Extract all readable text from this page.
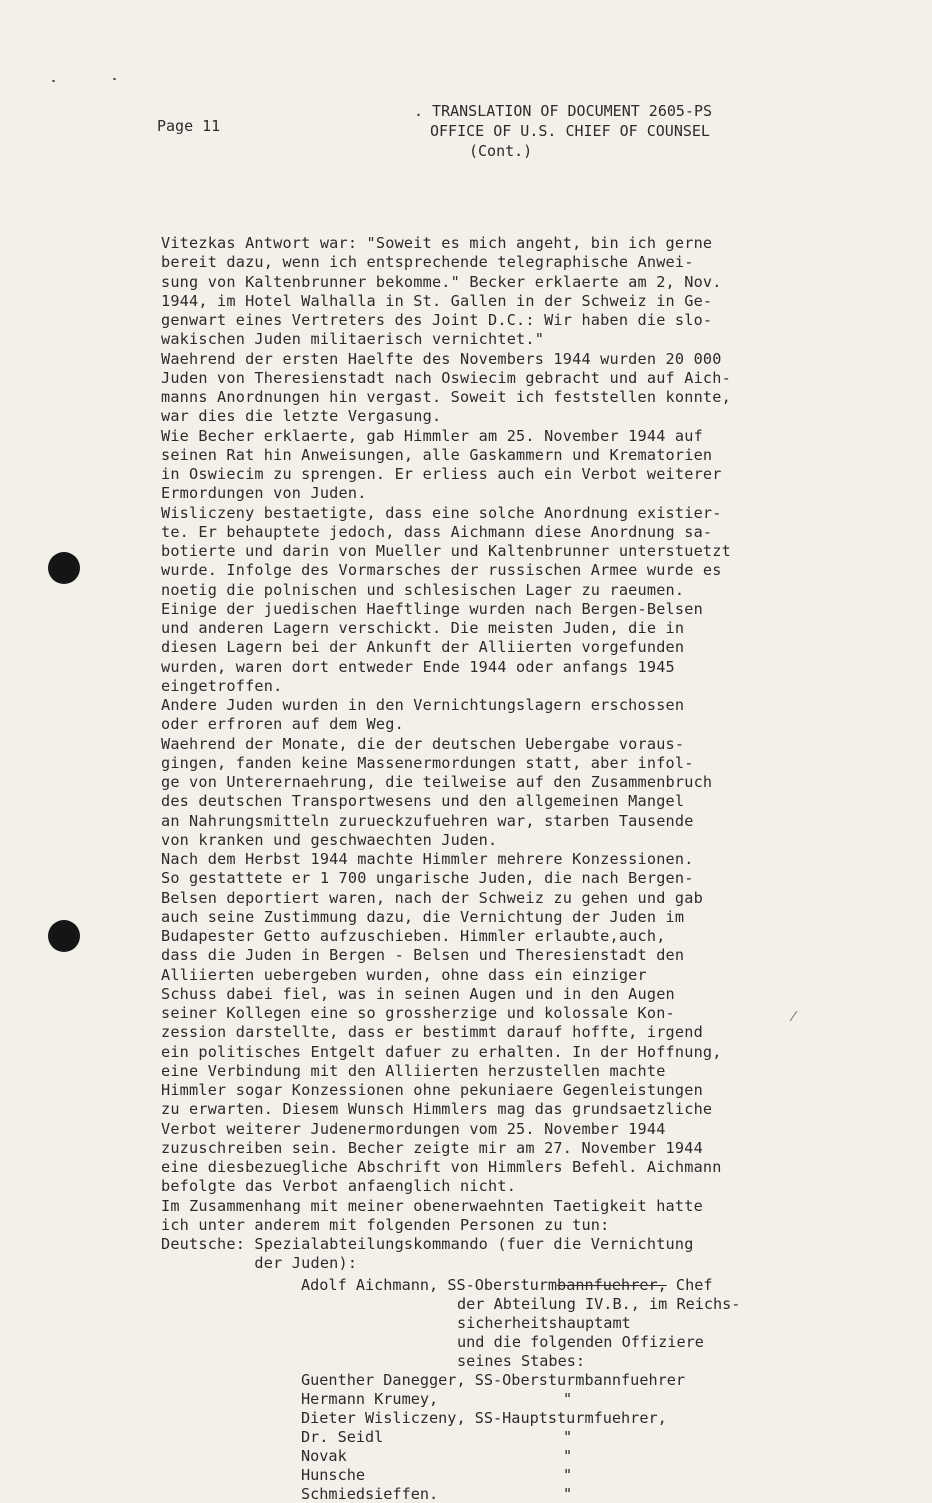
Page 11
. TRANSLATION OF DOCUMENT 2605-PS
OFFICE OF U.S. CHIEF OF COUNSEL
(Cont.)
Vitezkas Antwort war: "Soweit es mich angeht, bin ich gerne
bereit dazu, wenn ich entsprechende telegraphische Anwei-
sung von Kaltenbrunner bekomme." Becker erklaerte am 2, Nov.
1944, im Hotel Walhalla in St. Gallen in der Schweiz in Ge-
genwart eines Vertreters des Joint D.C.: Wir haben die slo-
wakischen Juden militaerisch vernichtet."
Waehrend der ersten Haelfte des Novembers 1944 wurden 20 000
Juden von Theresienstadt nach Oswiecim gebracht und auf Aich-
manns Anordnungen hin vergast. Soweit ich feststellen konnte,
war dies die letzte Vergasung.
Wie Becher erklaerte, gab Himmler am 25. November 1944 auf
seinen Rat hin Anweisungen, alle Gaskammern und Krematorien
in Oswiecim zu sprengen. Er erliess auch ein Verbot weiterer
Ermordungen von Juden.
Wisliczeny bestaetigte, dass eine solche Anordnung existier-
te. Er behauptete jedoch, dass Aichmann diese Anordnung sa-
botierte und darin von Mueller und Kaltenbrunner unterstuetzt
wurde. Infolge des Vormarsches der russischen Armee wurde es
noetig die polnischen und schlesischen Lager zu raeumen.
Einige der juedischen Haeftlinge wurden nach Bergen-Belsen
und anderen Lagern verschickt. Die meisten Juden, die in
diesen Lagern bei der Ankunft der Alliierten vorgefunden
wurden, waren dort entweder Ende 1944 oder anfangs 1945
eingetroffen.
Andere Juden wurden in den Vernichtungslagern erschossen
oder erfroren auf dem Weg.
Waehrend der Monate, die der deutschen Uebergabe voraus-
gingen, fanden keine Massenermordungen statt, aber infol-
ge von Unterernaehrung, die teilweise auf den Zusammenbruch
des deutschen Transportwesens und den allgemeinen Mangel
an Nahrungsmitteln zurueckzufuehren war, starben Tausende
von kranken und geschwaechten Juden.
Nach dem Herbst 1944 machte Himmler mehrere Konzessionen.
So gestattete er 1 700 ungarische Juden, die nach Bergen-
Belsen deportiert waren, nach der Schweiz zu gehen und gab
auch seine Zustimmung dazu, die Vernichtung der Juden im
Budapester Getto aufzuschieben. Himmler erlaubte,auch,
dass die Juden in Bergen - Belsen und Theresienstadt den
Alliierten uebergeben wurden, ohne dass ein einziger
Schuss dabei fiel, was in seinen Augen und in den Augen
seiner Kollegen eine so grossherzige und kolossale Kon-
zession darstellte, dass er bestimmt darauf hoffte, irgend
ein politisches Entgelt dafuer zu erhalten. In der Hoffnung,
eine Verbindung mit den Alliierten herzustellen machte
Himmler sogar Konzessionen ohne pekuniaere Gegenleistungen
zu erwarten. Diesem Wunsch Himmlers mag das grundsaetzliche
Verbot weiterer Judenermordungen vom 25. November 1944
zuzuschreiben sein. Becher zeigte mir am 27. November 1944
eine diesbezuegliche Abschrift von Himmlers Befehl. Aichmann
befolgte das Verbot anfaenglich nicht.
Im Zusammenhang mit meiner obenerwaehnten Taetigkeit hatte
ich unter anderem mit folgenden Personen zu tun:
Deutsche: Spezialabteilungskommando (fuer die Vernichtung
der Juden):
Adolf Aichmann, SS-Obersturmbannfuehrer, Chef
der Abteilung IV.B., im Reichs-
sicherheitshauptamt
und die folgenden Offiziere
seines Stabes:
Guenther Danegger, SS-Obersturmbannfuehrer
Hermann Krumey,	"
Dieter Wisliczeny, SS-Hauptsturmfuehrer,
Dr. Seidl	"
Novak	"
Hunsche	"
Schmiedsieffen.	"
